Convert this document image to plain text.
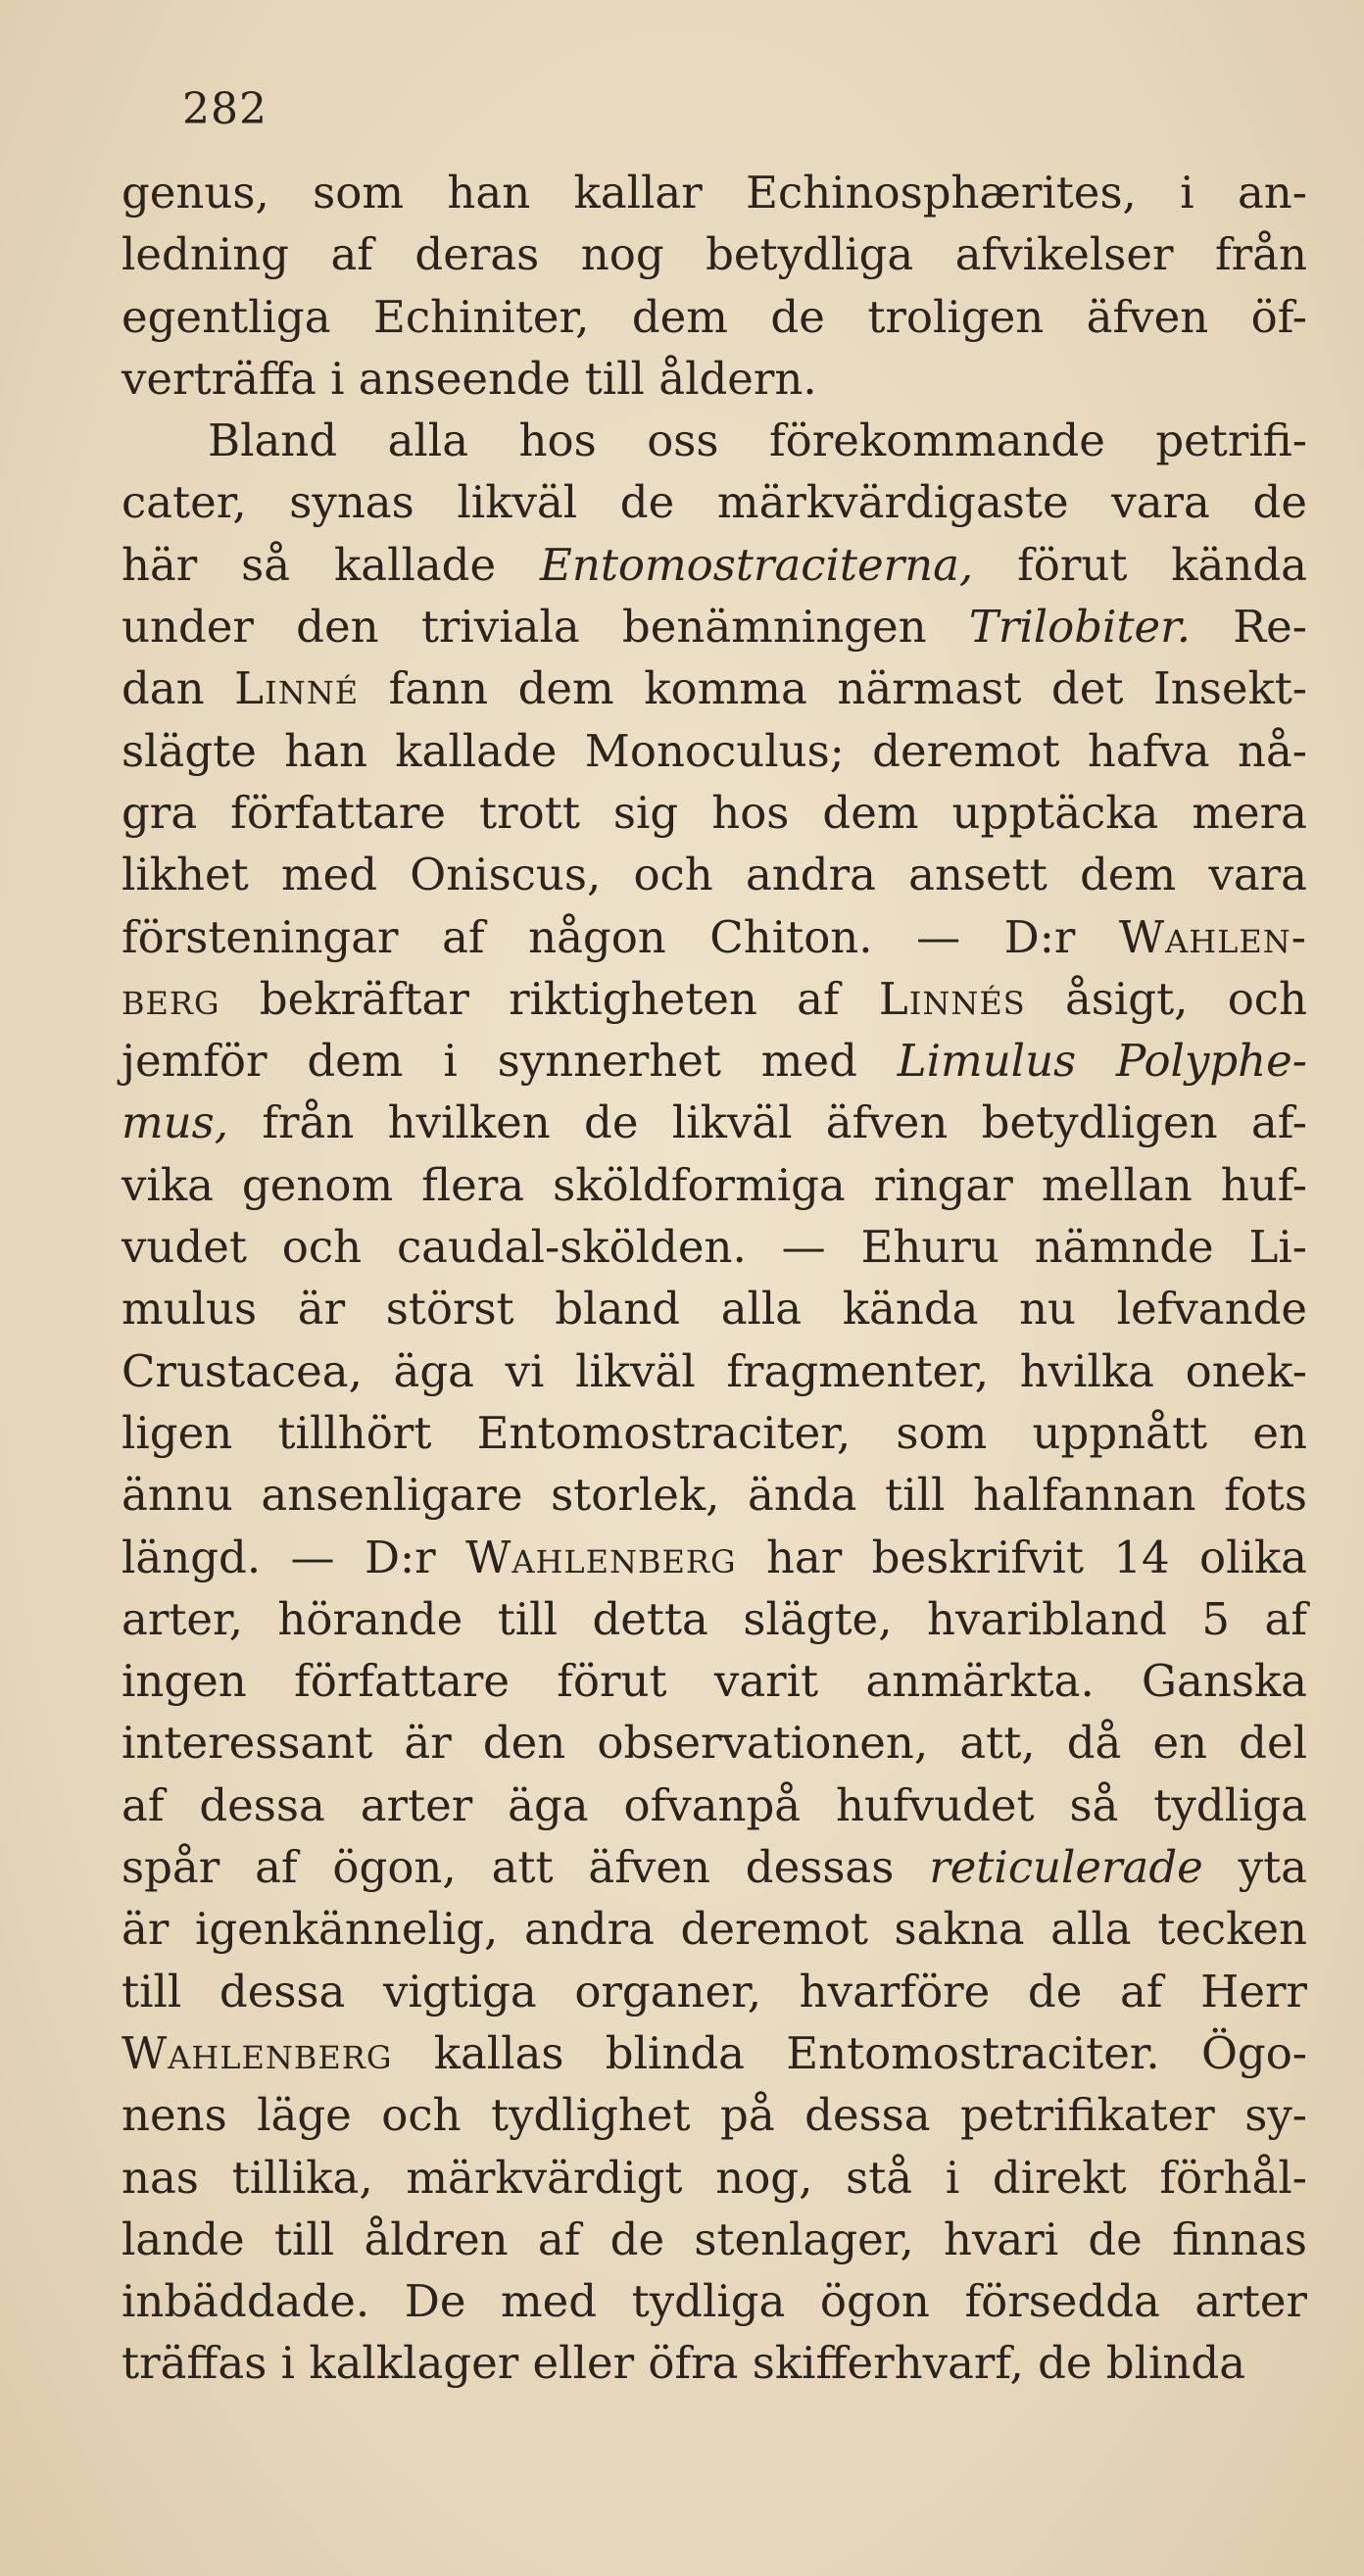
282
genus, som han kallar Echinosphærites, i an-
ledning af deras nog betydliga afvikelser från
egentliga Echiniter, dem de troligen äfven öf-
verträffa i anseende till åldern.
Bland alla hos oss förekommande petrifi-
cater, synas likväl de märkvärdigaste vara de
här så kallade Entomostraciterna, förut kända
under den triviala benämningen Trilobiter. Re-
dan Linné fann dem komma närmast det Insekt-
slägte han kallade Monoculus; deremot hafva nå-
gra författare trott sig hos dem upptäcka mera
likhet med Oniscus, och andra ansett dem vara
försteningar af någon Chiton. — D:r Wahlen-
berg bekräftar riktigheten af Linnés åsigt, och
jemför dem i synnerhet med Limulus Polyphe-
mus, från hvilken de likväl äfven betydligen af-
vika genom flera sköldformiga ringar mellan huf-
vudet och caudal-skölden. — Ehuru nämnde Li-
mulus är störst bland alla kända nu lefvande
Crustacea, äga vi likväl fragmenter, hvilka onek-
ligen tillhört Entomostraciter, som uppnått en
ännu ansenligare storlek, ända till halfannan fots
längd. — D:r Wahlenberg har beskrifvit 14 olika
arter, hörande till detta slägte, hvaribland 5 af
ingen författare förut varit anmärkta. Ganska
interessant är den observationen, att, då en del
af dessa arter äga ofvanpå hufvudet så tydliga
spår af ögon, att äfven dessas reticulerade yta
är igenkännelig, andra deremot sakna alla tecken
till dessa vigtiga organer, hvarföre de af Herr
Wahlenberg kallas blinda Entomostraciter. Ögo-
nens läge och tydlighet på dessa petrifikater sy-
nas tillika, märkvärdigt nog, stå i direkt förhål-
lande till åldren af de stenlager, hvari de finnas
inbäddade. De med tydliga ögon försedda arter
träffas i kalklager eller öfra skifferhvarf, de blinda
